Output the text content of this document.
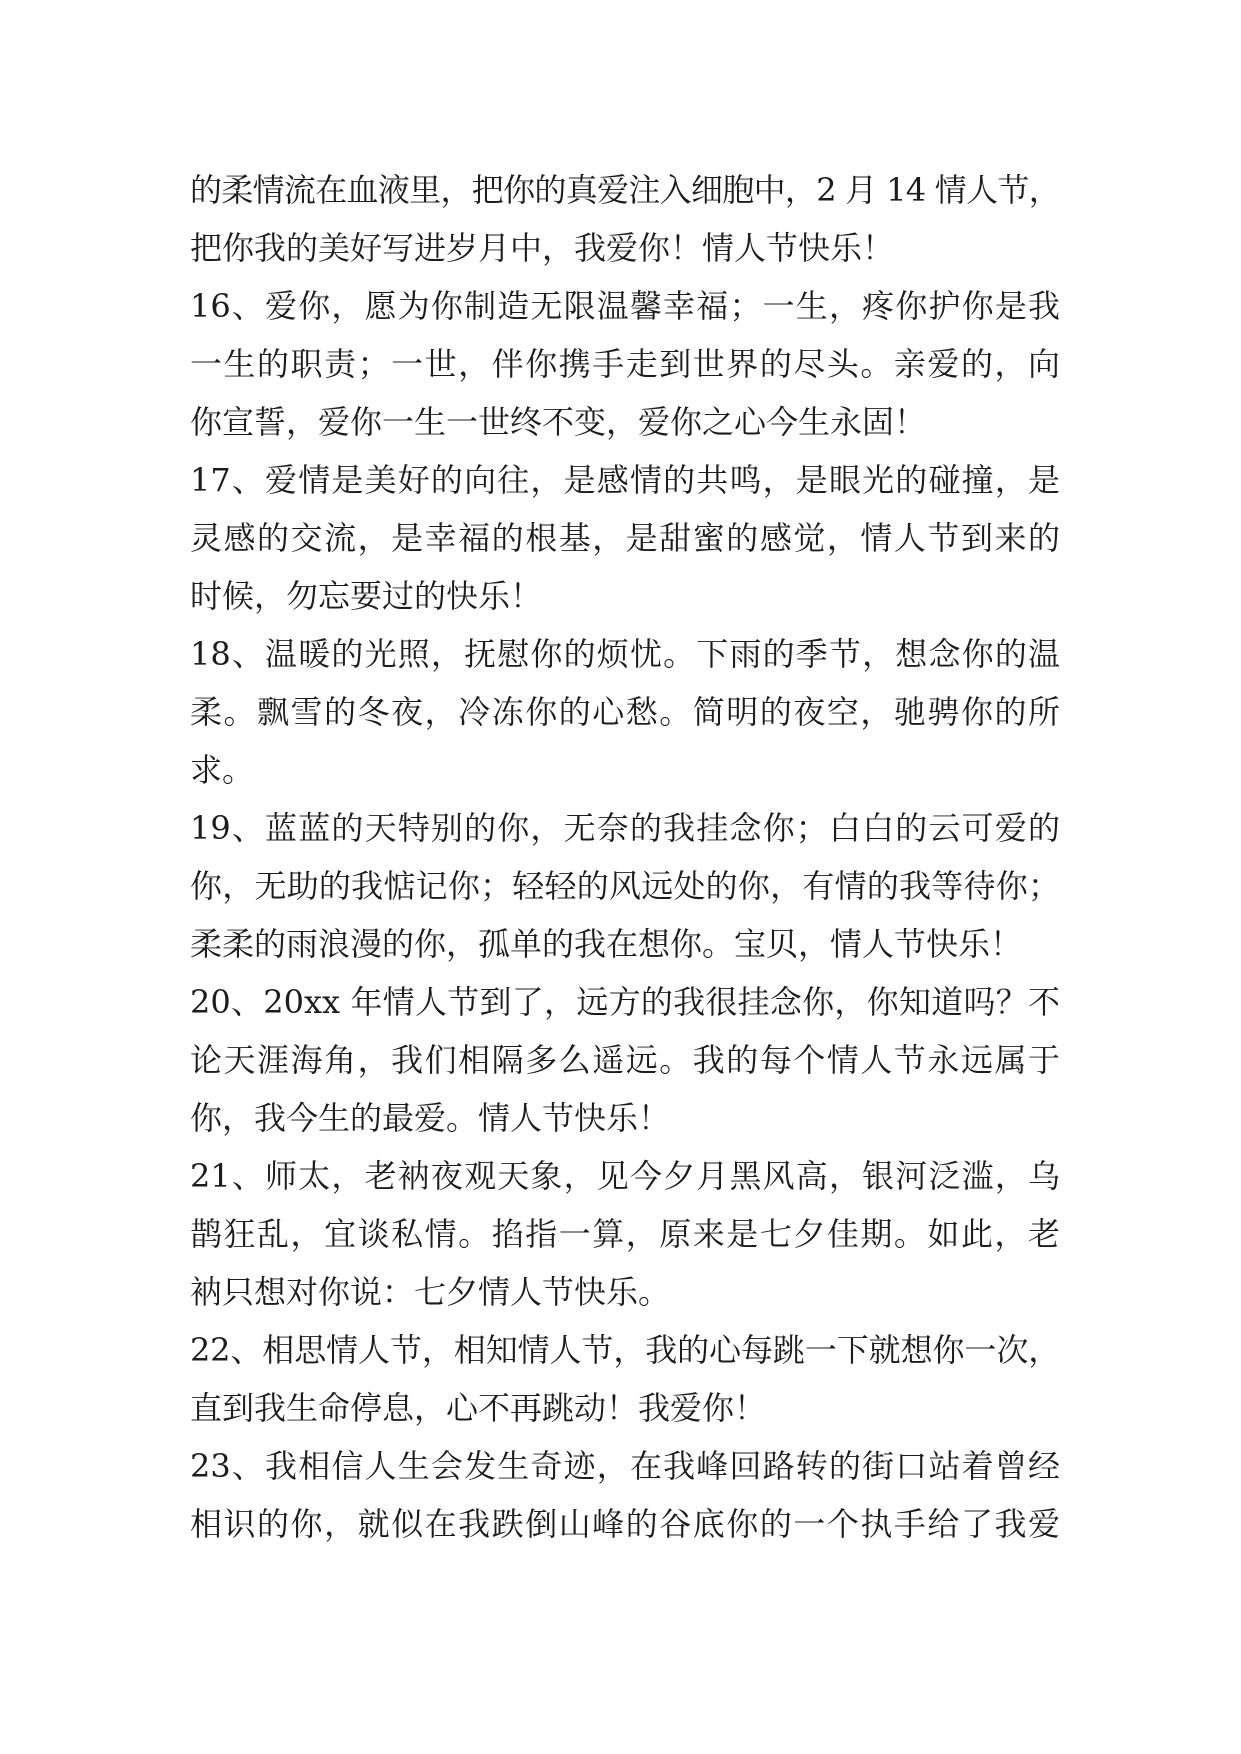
的柔情流在血液里，把你的真爱注入细胞中，2 月 14 情人节，
把你我的美好写进岁月中，我爱你！情人节快乐！
16、爱你，愿为你制造无限温馨幸福；一生，疼你护你是我
一生的职责；一世，伴你携手走到世界的尽头。亲爱的，向
你宣誓，爱你一生一世终不变，爱你之心今生永固！
17、爱情是美好的向往，是感情的共鸣，是眼光的碰撞，是
灵感的交流，是幸福的根基，是甜蜜的感觉，情人节到来的
时候，勿忘要过的快乐！
18、温暖的光照，抚慰你的烦忧。下雨的季节，想念你的温
柔。飘雪的冬夜，冷冻你的心愁。简明的夜空，驰骋你的所
求。
19、蓝蓝的天特别的你，无奈的我挂念你；白白的云可爱的
你，无助的我惦记你；轻轻的风远处的你，有情的我等待你；
柔柔的雨浪漫的你，孤单的我在想你。宝贝，情人节快乐！
20、20xx 年情人节到了，远方的我很挂念你，你知道吗？不
论天涯海角，我们相隔多么遥远。我的每个情人节永远属于
你，我今生的最爱。情人节快乐！
21、师太，老衲夜观天象，见今夕月黑风高，银河泛滥，乌
鹊狂乱，宜谈私情。掐指一算，原来是七夕佳期。如此，老
衲只想对你说：七夕情人节快乐。
22、相思情人节，相知情人节，我的心每跳一下就想你一次，
直到我生命停息，心不再跳动！我爱你！
23、我相信人生会发生奇迹，在我峰回路转的街口站着曾经
相识的你，就似在我跌倒山峰的谷底你的一个执手给了我爱
